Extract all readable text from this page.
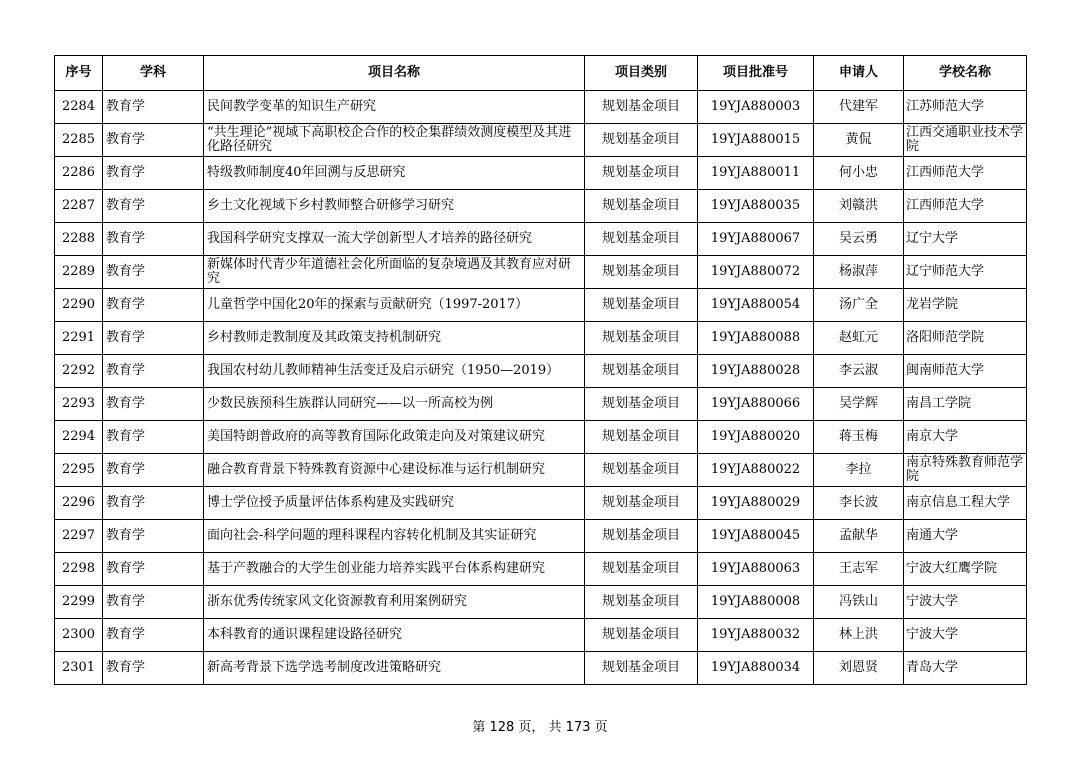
序号	学科	项目名称	项目类别	项目批准号	申请人	学校名称
2284	教育学	民间教学变革的知识生产研究	规划基金项目	19YJA880003	代建军	江苏师范大学
2285	教育学	“共生理论”视域下高职校企合作的校企集群绩效测度模型及其进化路径研究	规划基金项目	19YJA880015	黄侃	江西交通职业技术学院
2286	教育学	特级教师制度40年回溯与反思研究	规划基金项目	19YJA880011	何小忠	江西师范大学
2287	教育学	乡土文化视域下乡村教师整合研修学习研究	规划基金项目	19YJA880035	刘赣洪	江西师范大学
2288	教育学	我国科学研究支撑双一流大学创新型人才培养的路径研究	规划基金项目	19YJA880067	吴云勇	辽宁大学
2289	教育学	新媒体时代青少年道德社会化所面临的复杂境遇及其教育应对研究	规划基金项目	19YJA880072	杨淑萍	辽宁师范大学
2290	教育学	儿童哲学中国化20年的探索与贡献研究（1997-2017）	规划基金项目	19YJA880054	汤广全	龙岩学院
2291	教育学	乡村教师走教制度及其政策支持机制研究	规划基金项目	19YJA880088	赵虹元	洛阳师范学院
2292	教育学	我国农村幼儿教师精神生活变迁及启示研究（1950—2019）	规划基金项目	19YJA880028	李云淑	闽南师范大学
2293	教育学	少数民族预科生族群认同研究——以一所高校为例	规划基金项目	19YJA880066	吴学辉	南昌工学院
2294	教育学	美国特朗普政府的高等教育国际化政策走向及对策建议研究	规划基金项目	19YJA880020	蒋玉梅	南京大学
2295	教育学	融合教育背景下特殊教育资源中心建设标准与运行机制研究	规划基金项目	19YJA880022	李拉	南京特殊教育师范学院
2296	教育学	博士学位授予质量评估体系构建及实践研究	规划基金项目	19YJA880029	李长波	南京信息工程大学
2297	教育学	面向社会-科学问题的理科课程内容转化机制及其实证研究	规划基金项目	19YJA880045	孟献华	南通大学
2298	教育学	基于产教融合的大学生创业能力培养实践平台体系构建研究	规划基金项目	19YJA880063	王志军	宁波大红鹰学院
2299	教育学	浙东优秀传统家风文化资源教育利用案例研究	规划基金项目	19YJA880008	冯铁山	宁波大学
2300	教育学	本科教育的通识课程建设路径研究	规划基金项目	19YJA880032	林上洪	宁波大学
2301	教育学	新高考背景下选学选考制度改进策略研究	规划基金项目	19YJA880034	刘恩贤	青岛大学
第 128 页， 共 173 页
